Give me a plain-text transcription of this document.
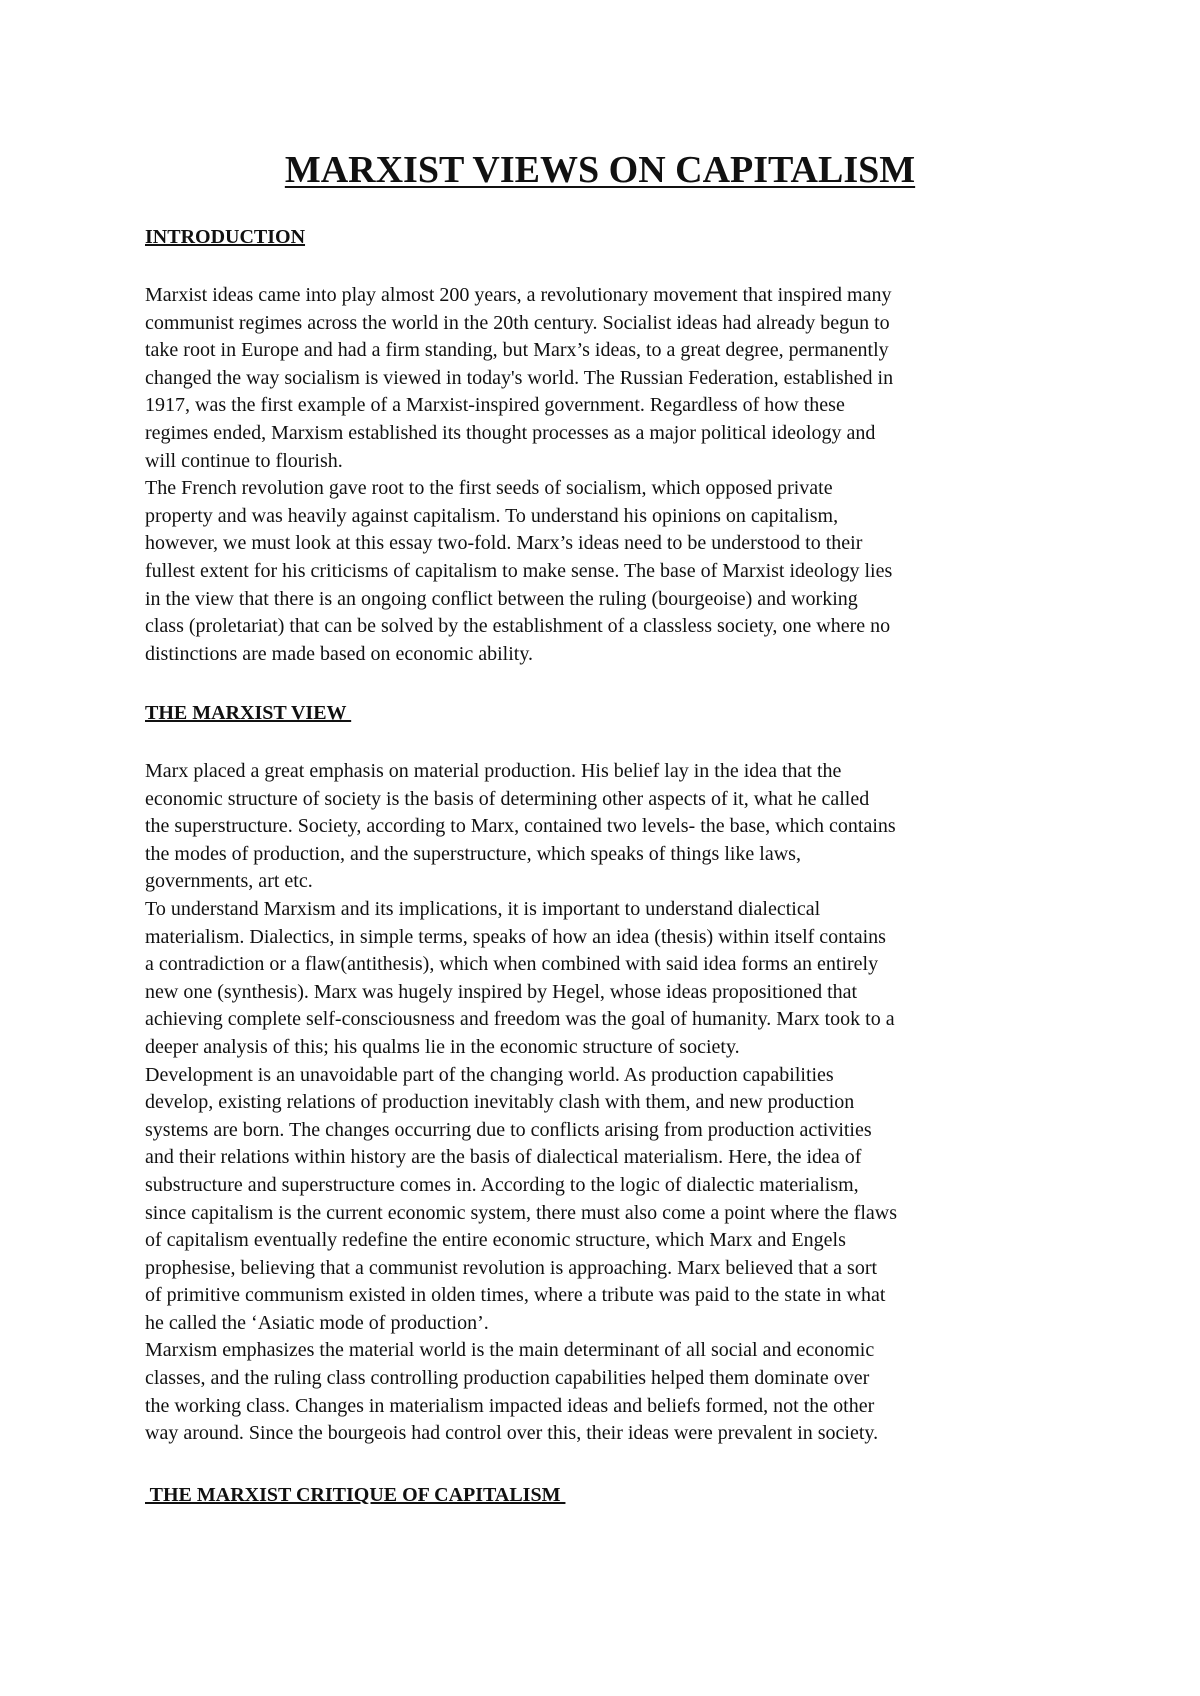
MARXIST VIEWS ON CAPITALISM
INTRODUCTION
Marxist ideas came into play almost 200 years, a revolutionary movement that inspired many
communist regimes across the world in the 20th century. Socialist ideas had already begun to
take root in Europe and had a firm standing, but Marx’s ideas, to a great degree, permanently
changed the way socialism is viewed in today's world. The Russian Federation, established in
1917, was the first example of a Marxist-inspired government. Regardless of how these
regimes ended, Marxism established its thought processes as a major political ideology and
will continue to flourish.
The French revolution gave root to the first seeds of socialism, which opposed private
property and was heavily against capitalism. To understand his opinions on capitalism,
however, we must look at this essay two-fold. Marx’s ideas need to be understood to their
fullest extent for his criticisms of capitalism to make sense. The base of Marxist ideology lies
in the view that there is an ongoing conflict between the ruling (bourgeoise) and working
class (proletariat) that can be solved by the establishment of a classless society, one where no
distinctions are made based on economic ability.
THE MARXIST VIEW
Marx placed a great emphasis on material production. His belief lay in the idea that the
economic structure of society is the basis of determining other aspects of it, what he called
the superstructure. Society, according to Marx, contained two levels- the base, which contains
the modes of production, and the superstructure, which speaks of things like laws,
governments, art etc.
To understand Marxism and its implications, it is important to understand dialectical
materialism. Dialectics, in simple terms, speaks of how an idea (thesis) within itself contains
a contradiction or a flaw(antithesis), which when combined with said idea forms an entirely
new one (synthesis). Marx was hugely inspired by Hegel, whose ideas propositioned that
achieving complete self-consciousness and freedom was the goal of humanity. Marx took to a
deeper analysis of this; his qualms lie in the economic structure of society.
Development is an unavoidable part of the changing world. As production capabilities
develop, existing relations of production inevitably clash with them, and new production
systems are born. The changes occurring due to conflicts arising from production activities
and their relations within history are the basis of dialectical materialism. Here, the idea of
substructure and superstructure comes in. According to the logic of dialectic materialism,
since capitalism is the current economic system, there must also come a point where the flaws
of capitalism eventually redefine the entire economic structure, which Marx and Engels
prophesise, believing that a communist revolution is approaching. Marx believed that a sort
of primitive communism existed in olden times, where a tribute was paid to the state in what
he called the ‘Asiatic mode of production’.
Marxism emphasizes the material world is the main determinant of all social and economic
classes, and the ruling class controlling production capabilities helped them dominate over
the working class. Changes in materialism impacted ideas and beliefs formed, not the other
way around. Since the bourgeois had control over this, their ideas were prevalent in society.
THE MARXIST CRITIQUE OF CAPITALISM
